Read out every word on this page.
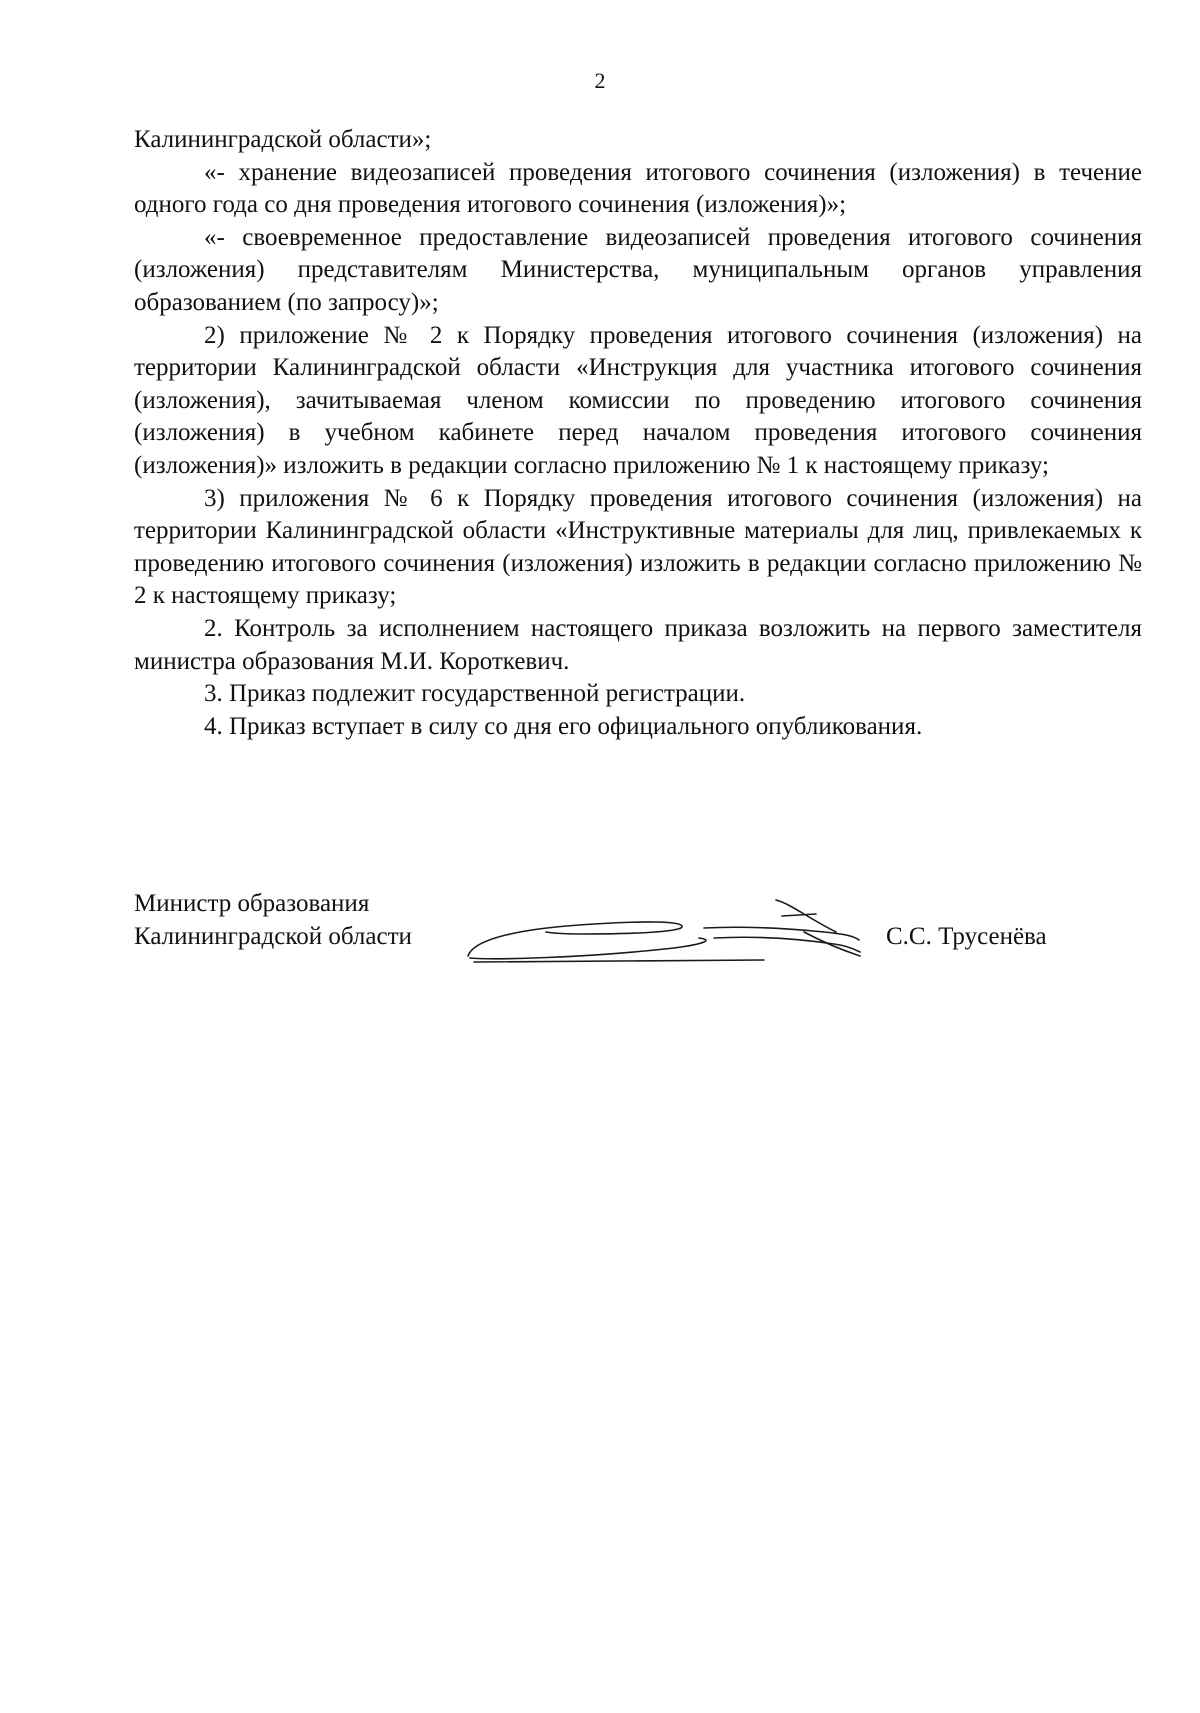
2

Калининградской области»;

«- хранение видеозаписей проведения итогового сочинения (изложения) в течение одного года со дня проведения итогового сочинения (изложения)»;

«- своевременное предоставление видеозаписей проведения итогового сочинения (изложения) представителям Министерства, муниципальным органов управления образованием (по запросу)»;

2) приложение № 2 к Порядку проведения итогового сочинения (изложения) на территории Калининградской области «Инструкция для участника итогового сочинения (изложения), зачитываемая членом комиссии по проведению итогового сочинения (изложения) в учебном кабинете перед началом проведения итогового сочинения (изложения)» изложить в редакции согласно приложению № 1 к настоящему приказу;

3) приложения № 6 к Порядку проведения итогового сочинения (изложения) на территории Калининградской области «Инструктивные материалы для лиц, привлекаемых к проведению итогового сочинения (изложения) изложить в редакции согласно приложению № 2 к настоящему приказу;

2. Контроль за исполнением настоящего приказа возложить на первого заместителя министра образования М.И. Короткевич.

3. Приказ подлежит государственной регистрации.

4. Приказ вступает в силу со дня его официального опубликования.

Министр образования
Калининградской области	С.С. Трусенёва
